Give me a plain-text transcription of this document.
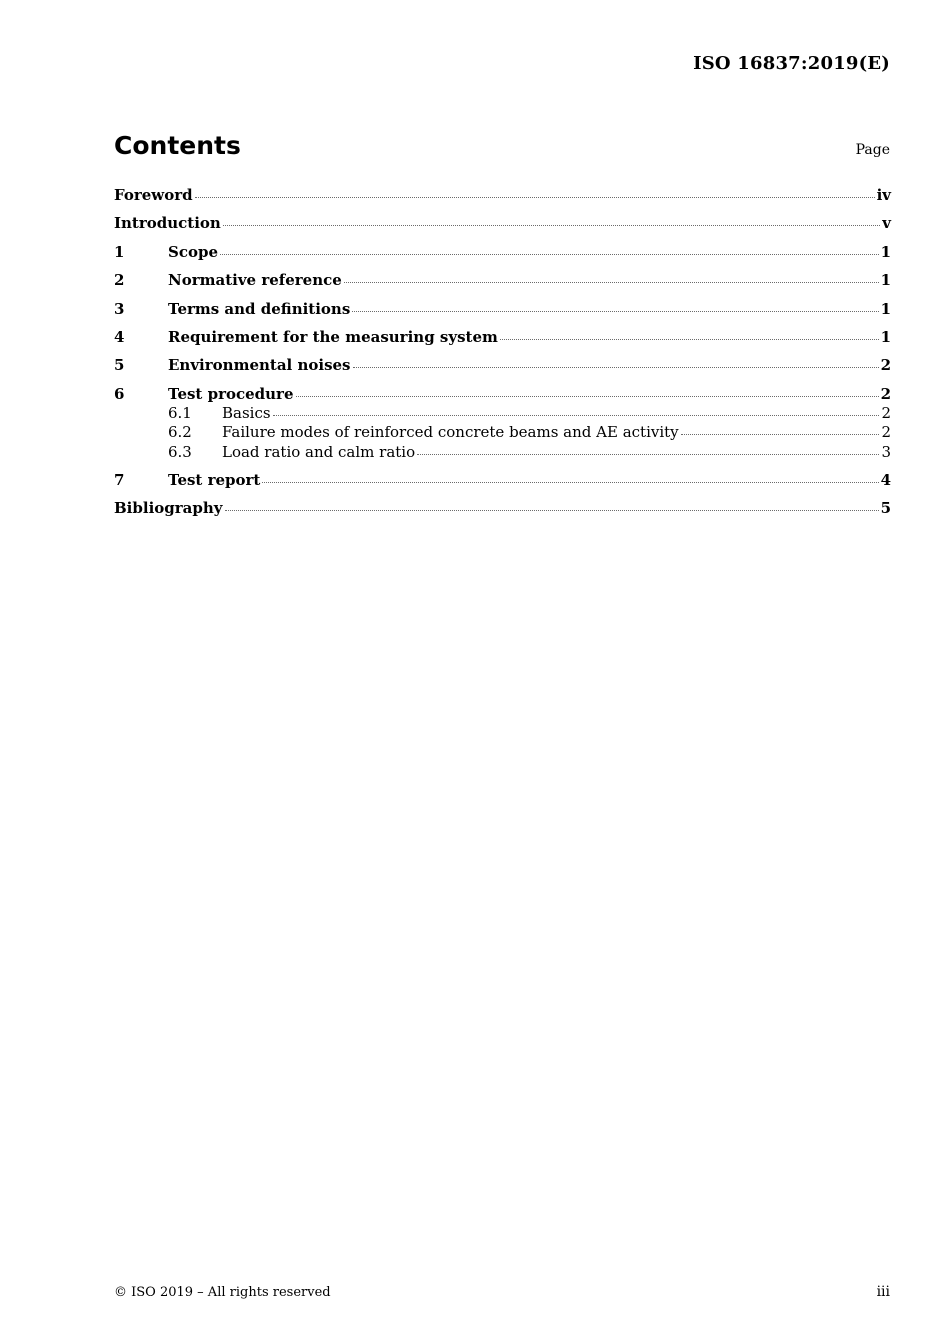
ISO 16837:2019(E)
Contents	Page
Foreword	iv
Introduction	v
1	Scope	1
2	Normative reference	1
3	Terms and definitions	1
4	Requirement for the measuring system	1
5	Environmental noises	2
6	Test procedure	2
6.1	Basics	2
6.2	Failure modes of reinforced concrete beams and AE activity	2
6.3	Load ratio and calm ratio	3
7	Test report	4
Bibliography	5
© ISO 2019 – All rights reserved	iii
